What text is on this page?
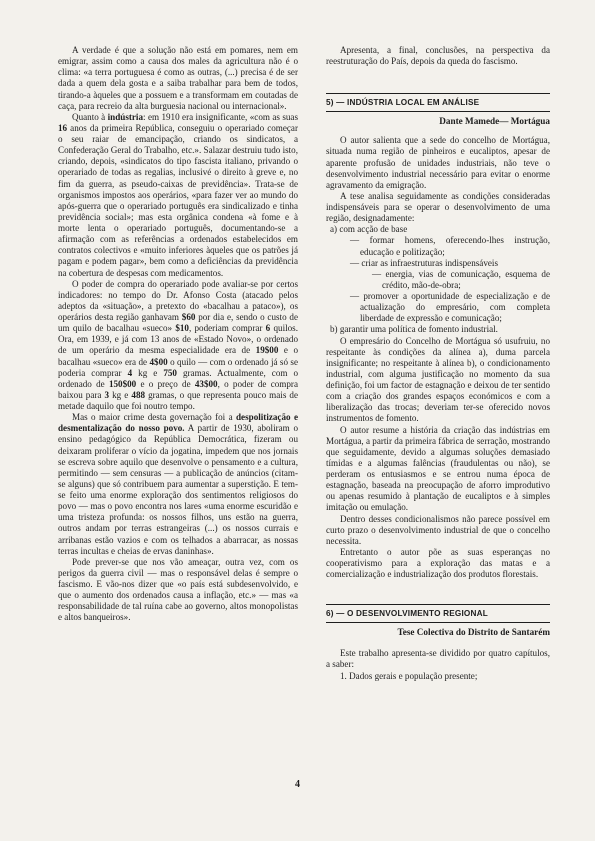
A verdade é que a solução não está em pomares, nem em emigrar, assim como a causa dos males da agricultura não é o clima: «a terra portuguesa é como as outras, (...) precisa é de ser dada a quem dela gosta e a saiba trabalhar para bem de todos, tirando-a àqueles que a possuem e a transformam em coutadas de caça, para recreio da alta burguesia nacional ou internacional».

Quanto à indústria: em 1910 era insignificante, «com as suas 16 anos da primeira República, conseguiu o operariado começar o seu raiar de emancipação, criando os sindicatos, a Confederação Geral do Trabalho, etc.». Salazar destruiu tudo isto, criando, depois, «sindicatos do tipo fascista italiano, privando o operariado de todas as regalias, inclusivé o direito à greve e, no fim da guerra, as pseudo-caixas de previdência». Trata-se de organismos impostos aos operários, «para fazer ver ao mundo do após-guerra que o operariado português era sindicalizado e tinha previdência social»; mas esta orgânica condena «à fome e à morte lenta o operariado português, documentando-se a afirmação com as referências a ordenados estabelecidos em contratos colectivos e «muito inferiores àqueles que os patrões já pagam e podem pagar», bem como a deficiências da previdência na cobertura de despesas com medicamentos.

O poder de compra do operariado pode avaliar-se por certos indicadores: no tempo do Dr. Afonso Costa (atacado pelos adeptos da «situação», a pretexto do «bacalhau a pataco»), os operários desta região ganhavam $60 por dia e, sendo o custo de um quilo de bacalhau «sueco» $10, poderiam comprar 6 quilos. Ora, em 1939, e já com 13 anos de «Estado Novo», o ordenado de um operário da mesma especialidade era de 19$00 e o bacalhau «sueco» era de 4$00 o quilo — com o ordenado já só se poderia comprar 4 kg e 750 gramas. Actualmente, com o ordenado de 150$00 e o preço de 43$00, o poder de compra baixou para 3 kg e 488 gramas, o que representa pouco mais de metade daquilo que foi noutro tempo.

Mas o maior crime desta governação foi a despolitização e desmentalização do nosso povo. A partir de 1930, aboliram o ensino pedagógico da República Democrática, fizeram ou deixaram proliferar o vício da jogatina, impedem que nos jornais se escreva sobre aquilo que desenvolve o pensamento e a cultura, permitindo — sem censuras — a publicação de anúncios (citam-se alguns) que só contribuem para aumentar a superstição. E tem-se feito uma enorme exploração dos sentimentos religiosos do povo — mas o povo encontra nos lares «uma enorme escuridão e uma tristeza profunda: os nossos filhos, uns estão na guerra, outros andam por terras estrangeiras (...) os nossos currais e arribanas estão vazios e com os telhados a abarracar, as nossas terras incultas e cheias de ervas daninhas».

Pode prever-se que nos vão ameaçar, outra vez, com os perigos da guerra civil — mas o responsável delas é sempre o fascismo. E vão-nos dizer que «o país está subdesenvolvido, e que o aumento dos ordenados causa a inflação, etc.» — mas «a responsabilidade de tal ruína cabe ao governo, altos monopolistas e altos banqueiros».

Apresenta, a final, conclusões, na perspectiva da reestruturação do País, depois da queda do fascismo.

5) — INDÚSTRIA LOCAL EM ANÁLISE
Dante Mamede— Mortágua

O autor salienta que a sede do concelho de Mortágua, situada numa região de pinheiros e eucaliptos, apesar de aparente profusão de unidades industriais, não teve o desenvolvimento industrial necessário para evitar o enorme agravamento da emigração.

A tese analisa seguidamente as condições consideradas indispensáveis para se operar o desenvolvimento de uma região, designadamente:

a) com acção de base
— formar homens, oferecendo-lhes instrução, educação e politização;
— criar as infraestruturas indispensáveis
— energia, vias de comunicação, esquema de crédito, mão-de-obra;
— promover a oportunidade de especialização e de actualização do empresário, com completa liberdade de expressão e comunicação;
b) garantir uma política de fomento industrial.

O empresário do Concelho de Mortágua só usufruiu, no respeitante às condições da alínea a), duma parcela insignificante; no respeitante à alínea b), o condicionamento industrial, com alguma justificação no momento da sua definição, foi um factor de estagnação e deixou de ter sentido com a criação dos grandes espaços económicos e com a liberalização das trocas; deveriam ter-se oferecido novos instrumentos de fomento.

O autor resume a história da criação das indústrias em Mortágua, a partir da primeira fábrica de serração, mostrando que seguidamente, devido a algumas soluções demasiado tímidas e a algumas falências (fraudulentas ou não), se perderam os entusiasmos e se entrou numa época de estagnação, baseada na preocupação de aforro improdutivo ou apenas resumido à plantação de eucaliptos e à simples imitação ou emulação.

Dentro desses condicionalismos não parece possível em curto prazo o desenvolvimento industrial de que o concelho necessita.

Entretanto o autor põe as suas esperanças no cooperativismo para a exploração das matas e a comercialização e industrialização dos produtos florestais.

6) — O DESENVOLVIMENTO REGIONAL
Tese Colectiva do Distrito de Santarém

Este trabalho apresenta-se dividido por quatro capítulos, a saber:

1. Dados gerais e população presente;

4
